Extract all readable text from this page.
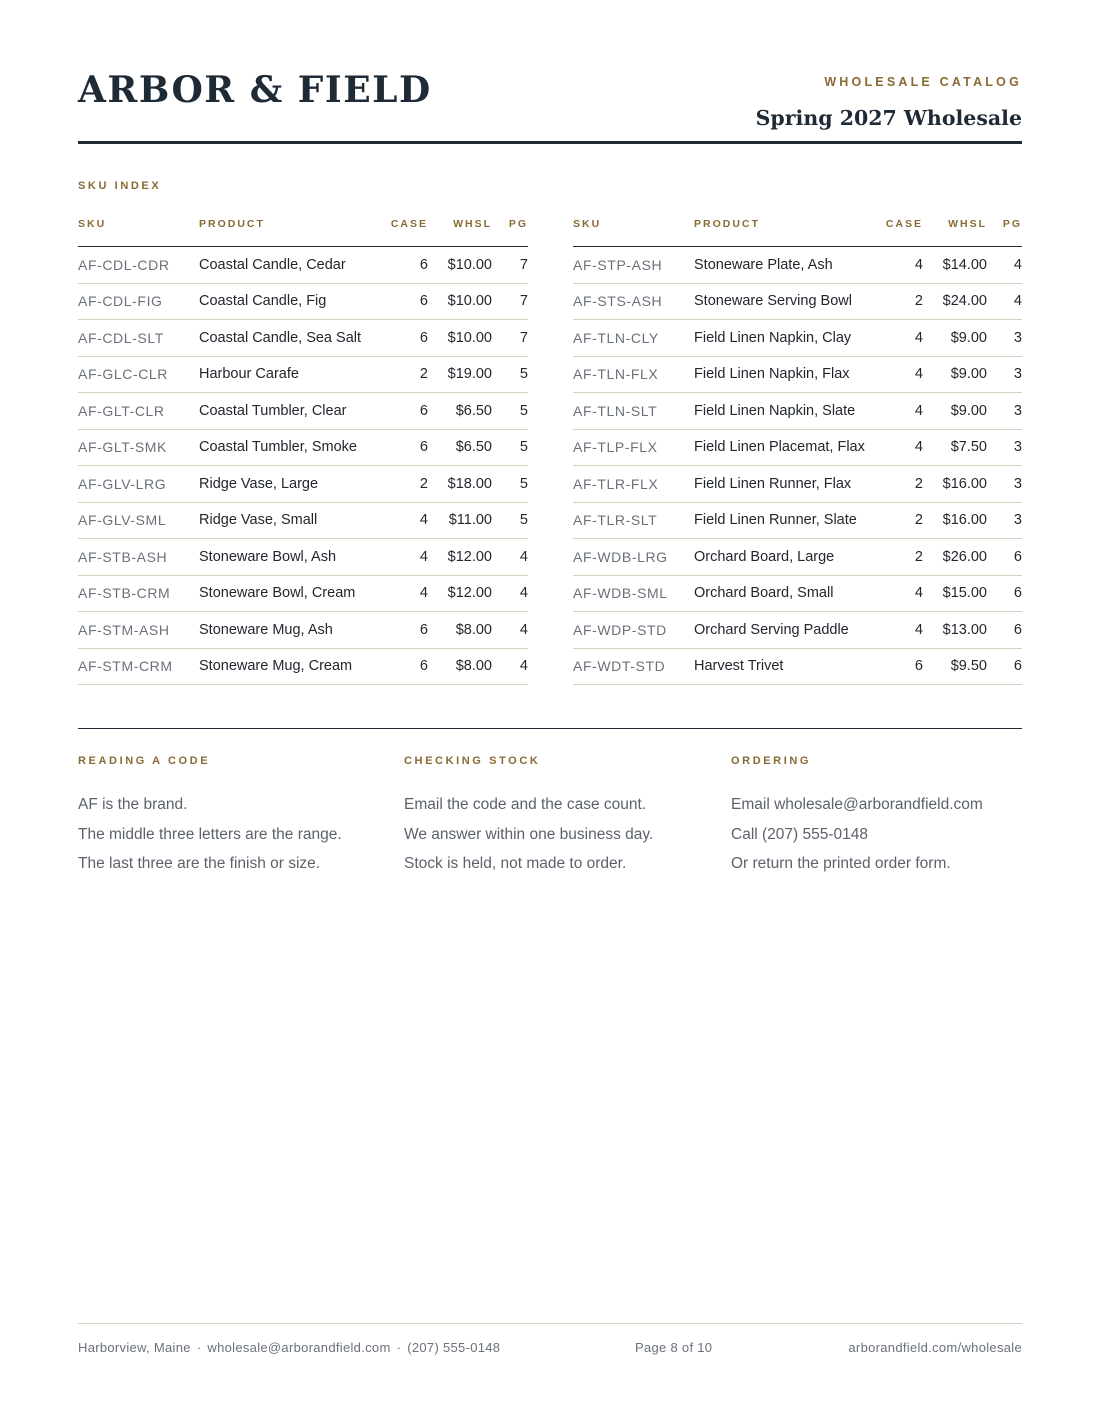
ARBOR & FIELD	WHOLESALE CATALOG
Spring 2027 Wholesale
SKU INDEX
SKU	PRODUCT	CASE	WHSL	PG
AF-CDL-CDR	Coastal Candle, Cedar	6	$10.00	7
AF-CDL-FIG	Coastal Candle, Fig	6	$10.00	7
AF-CDL-SLT	Coastal Candle, Sea Salt	6	$10.00	7
AF-GLC-CLR	Harbour Carafe	2	$19.00	5
AF-GLT-CLR	Coastal Tumbler, Clear	6	$6.50	5
AF-GLT-SMK	Coastal Tumbler, Smoke	6	$6.50	5
AF-GLV-LRG	Ridge Vase, Large	2	$18.00	5
AF-GLV-SML	Ridge Vase, Small	4	$11.00	5
AF-STB-ASH	Stoneware Bowl, Ash	4	$12.00	4
AF-STB-CRM	Stoneware Bowl, Cream	4	$12.00	4
AF-STM-ASH	Stoneware Mug, Ash	6	$8.00	4
AF-STM-CRM	Stoneware Mug, Cream	6	$8.00	4
SKU	PRODUCT	CASE	WHSL	PG
AF-STP-ASH	Stoneware Plate, Ash	4	$14.00	4
AF-STS-ASH	Stoneware Serving Bowl	2	$24.00	4
AF-TLN-CLY	Field Linen Napkin, Clay	4	$9.00	3
AF-TLN-FLX	Field Linen Napkin, Flax	4	$9.00	3
AF-TLN-SLT	Field Linen Napkin, Slate	4	$9.00	3
AF-TLP-FLX	Field Linen Placemat, Flax	4	$7.50	3
AF-TLR-FLX	Field Linen Runner, Flax	2	$16.00	3
AF-TLR-SLT	Field Linen Runner, Slate	2	$16.00	3
AF-WDB-LRG	Orchard Board, Large	2	$26.00	6
AF-WDB-SML	Orchard Board, Small	4	$15.00	6
AF-WDP-STD	Orchard Serving Paddle	4	$13.00	6
AF-WDT-STD	Harvest Trivet	6	$9.50	6
READING A CODE

AF is the brand.

The middle three letters are the range.

The last three are the finish or size.

CHECKING STOCK

Email the code and the case count.

We answer within one business day.

Stock is held, not made to order.

ORDERING

Email wholesale@arborandfield.com

Call (207) 555-0148

Or return the printed order form.

Harborview, Maine · wholesale@arborandfield.com · (207) 555-0148	Page 8 of 10	arborandfield.com/wholesale
